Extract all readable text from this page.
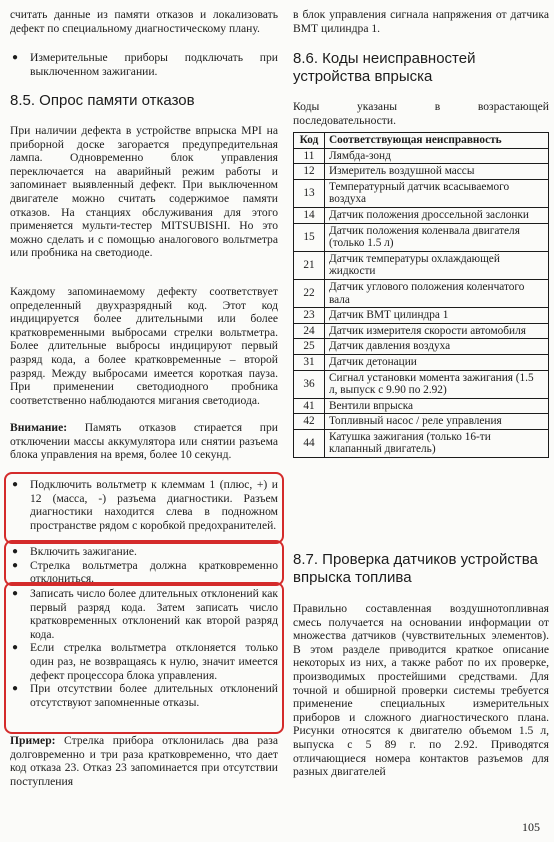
считать данные из памяти отказов и локализовать дефект по специальному диагностическому плану.

● Измерительные приборы подключать при выключенном зажигании.
8.5. Опрос памяти отказов

При наличии дефекта в устройстве впрыска MPI на приборной доске загорается предупредительная лампа. Одновременно блок управления переключается на аварийный режим работы и запоминает выявленный дефект. При выключенном двигателе можно считать содержимое памяти отказов. На станциях обслуживания для этого применяется мульти-тестер MITSUBISHI. Но это можно сделать и с помощью аналогового вольтметра или пробника на светодиоде.

Каждому запоминаемому дефекту соответствует определенный двухразрядный код. Этот код индицируется более длительными или более кратковременными выбросами стрелки вольтметра. Более длительные выбросы индицируют первый разряд кода, а более кратковременные – второй разряд. Между выбросами имеется короткая пауза. При применении светодиодного пробника соответственно наблюдаются мигания светодиода.

Внимание: Память отказов стирается при отключении массы аккумулятора или снятии разъема блока управления на время, более 10 секунд.

● Подключить вольтметр к клеммам 1 (плюс, +) и 12 (масса, -) разъема диагностики. Разъем диагностики находится слева в подножном пространстве рядом с коробкой предохранителей.
● Включить зажигание.
● Стрелка вольтметра должна кратковременно отклониться.
● Записать число более длительных отклонений как первый разряд кода. Затем записать число кратковременных отклонений как второй разряд кода.
● Если стрелка вольтметра отклоняется только один раз, не возвращаясь к нулю, значит имеется дефект процессора блока управления.
● При отсутствии более длительных отклонений отсутствуют запомненные отказы.

Пример: Стрелка прибора отклонилась два раза долговременно и три раза кратковременно, что дает код отказа 23. Отказ 23 запоминается при отсутствии поступления

в блок управления сигнала напряжения от датчика ВМТ цилиндра 1.

8.6. Коды неисправностей устройства впрыска

Коды указаны в возрастающей последовательности.

Код	Соответствующая неисправность
11	Лямбда-зонд
12	Измеритель воздушной массы
13	Температурный датчик всасываемого воздуха
14	Датчик положения дроссельной заслонки
15	Датчик положения коленвала двигателя (только 1.5 л)
21	Датчик температуры охлаждающей жидкости
22	Датчик углового положения коленчатого вала
23	Датчик ВМТ цилиндра 1
24	Датчик измерителя скорости автомобиля
25	Датчик давления воздуха
31	Датчик детонации
36	Сигнал установки момента зажигания (1.5 л, выпуск с 9.90 по 2.92)
41	Вентили впрыска
42	Топливный насос / реле управления
44	Катушка зажигания (только 16-ти клапанный двигатель)
8.7. Проверка датчиков устройства впрыска топлива

Правильно составленная воздушнотопливная смесь получается на основании информации от множества датчиков (чувствительных элементов). В этом разделе приводится краткое описание некоторых из них, а также работ по их проверке, производимых простейшими средствами. Для точной и обширной проверки системы требуется применение специальных измерительных приборов и сложного диагностического плана. Рисунки относятся к двигателю объемом 1.5 л, выпуска с 5 89 г. по 2.92. Приводятся отличающиеся номера контактов разъемов для разных двигателей

105
